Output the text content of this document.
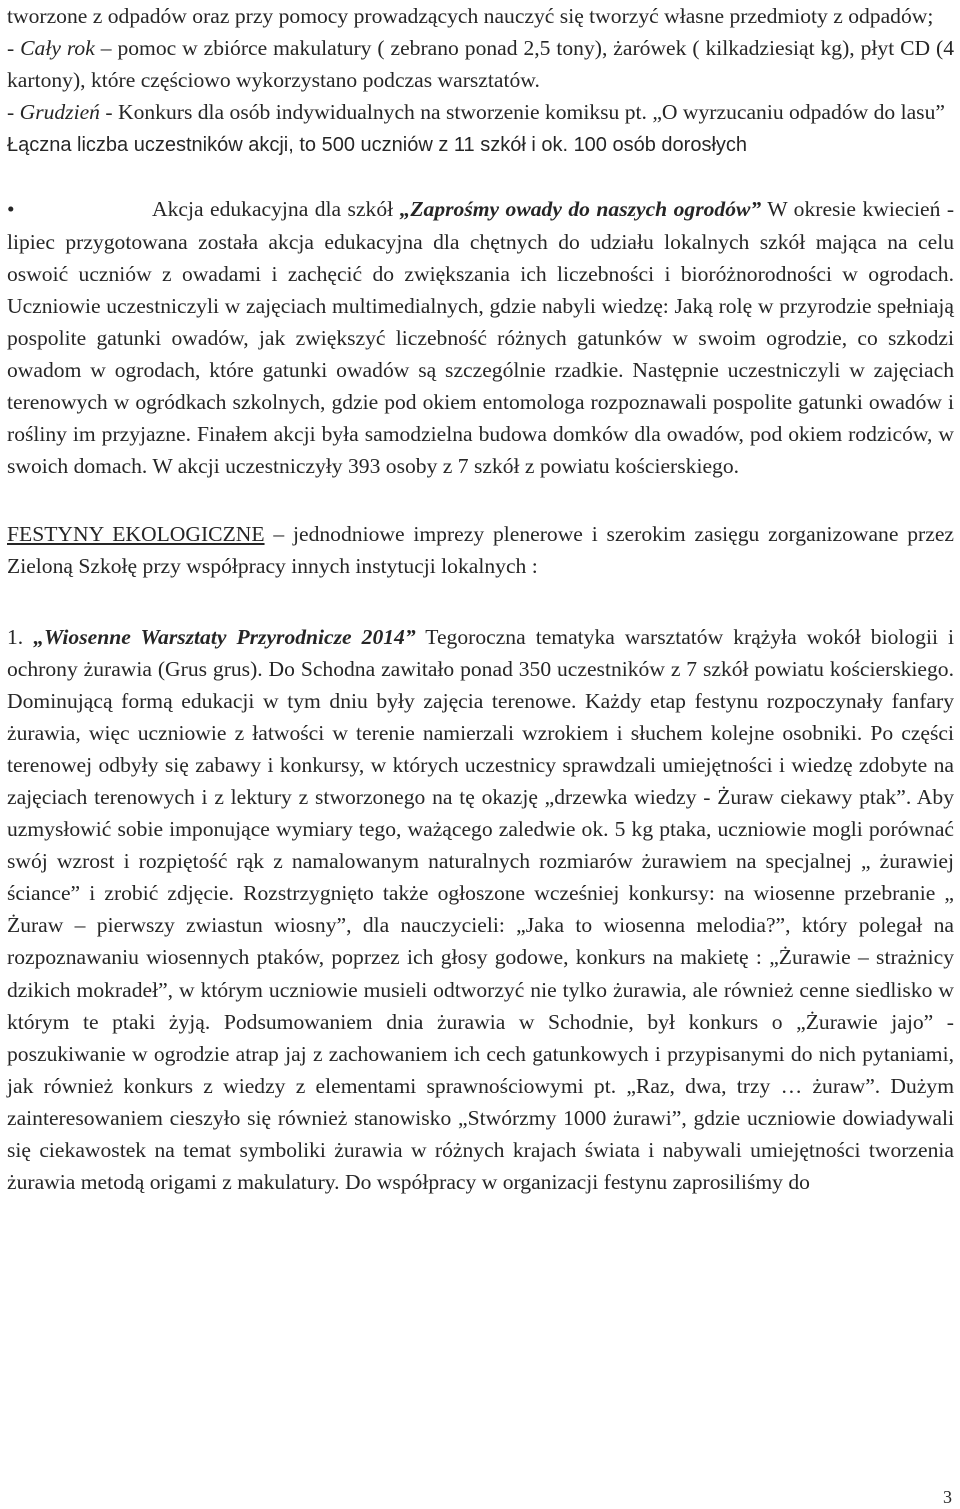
tworzone z odpadów oraz przy pomocy prowadzących nauczyć się tworzyć własne przedmioty z odpadów;
- Cały rok – pomoc w zbiórce makulatury ( zebrano ponad 2,5 tony), żarówek ( kilkadziesiąt kg), płyt CD (4 kartony), które częściowo wykorzystano podczas warsztatów.
- Grudzień - Konkurs dla osób indywidualnych na stworzenie komiksu pt. „O wyrzucaniu odpadów do lasu”

Łączna liczba uczestników akcji, to 500 uczniów z 11 szkół i ok. 100 osób dorosłych

•	Akcja edukacyjna dla szkół „Zaprośmy owady do naszych ogrodów” W okresie kwiecień - lipiec przygotowana została akcja edukacyjna dla chętnych do udziału lokalnych szkół mająca na celu oswoić uczniów z owadami i zachęcić do zwiększania ich liczebności i bioróżnorodności w ogrodach. Uczniowie uczestniczyli w zajęciach multimedialnych, gdzie nabyli wiedzę: Jaką rolę w przyrodzie spełniają pospolite gatunki owadów, jak zwiększyć liczebność różnych gatunków w swoim ogrodzie, co szkodzi owadom w ogrodach, które gatunki owadów są szczególnie rzadkie. Następnie uczestniczyli w zajęciach terenowych w ogródkach szkolnych, gdzie pod okiem entomologa rozpoznawali pospolite gatunki owadów i rośliny im przyjazne. Finałem akcji była samodzielna budowa domków dla owadów, pod okiem rodziców, w swoich domach. W akcji uczestniczyły 393 osoby z 7 szkół z powiatu kościerskiego.

FESTYNY EKOLOGICZNE – jednodniowe imprezy plenerowe i szerokim zasięgu zorganizowane przez Zieloną Szkołę przy współpracy innych instytucji lokalnych :

1. „Wiosenne Warsztaty Przyrodnicze 2014” Tegoroczna tematyka warsztatów krążyła wokół biologii i ochrony żurawia (Grus grus). Do Schodna zawitało ponad 350 uczestników z 7 szkół powiatu kościerskiego. Dominującą formą edukacji w tym dniu były zajęcia terenowe. Każdy etap festynu rozpoczynały fanfary żurawia, więc uczniowie z łatwości w terenie namierzali wzrokiem i słuchem kolejne osobniki. Po części terenowej odbyły się zabawy i konkursy, w których uczestnicy sprawdzali umiejętności i wiedzę zdobyte na zajęciach terenowych i z lektury z stworzonego na tę okazję „drzewka wiedzy - Żuraw ciekawy ptak”. Aby uzmysłowić sobie imponujące wymiary tego, ważącego zaledwie ok. 5 kg ptaka, uczniowie mogli porównać swój wzrost i rozpiętość rąk z namalowanym naturalnych rozmiarów żurawiem na specjalnej „ żurawiej ściance” i zrobić zdjęcie. Rozstrzygnięto także ogłoszone wcześniej konkursy: na wiosenne przebranie „ Żuraw – pierwszy zwiastun wiosny”, dla nauczycieli: „Jaka to wiosenna melodia?”, który polegał na rozpoznawaniu wiosennych ptaków, poprzez ich głosy godowe, konkurs na makietę : „Żurawie – strażnicy dzikich mokradeł”, w którym uczniowie musieli odtworzyć nie tylko żurawia, ale również cenne siedlisko w którym te ptaki żyją. Podsumowaniem dnia żurawia w Schodnie, był konkurs o „Żurawie jajo” - poszukiwanie w ogrodzie atrap jaj z zachowaniem ich cech gatunkowych i przypisanymi do nich pytaniami, jak również konkurs z wiedzy z elementami sprawnościowymi pt. „Raz, dwa, trzy … żuraw”. Dużym zainteresowaniem cieszyło się również stanowisko „Stwórzmy 1000 żurawi”, gdzie uczniowie dowiadywali się ciekawostek na temat symboliki żurawia w różnych krajach świata i nabywali umiejętności tworzenia żurawia metodą origami z makulatury. Do współpracy w organizacji festynu zaprosiliśmy do

3
